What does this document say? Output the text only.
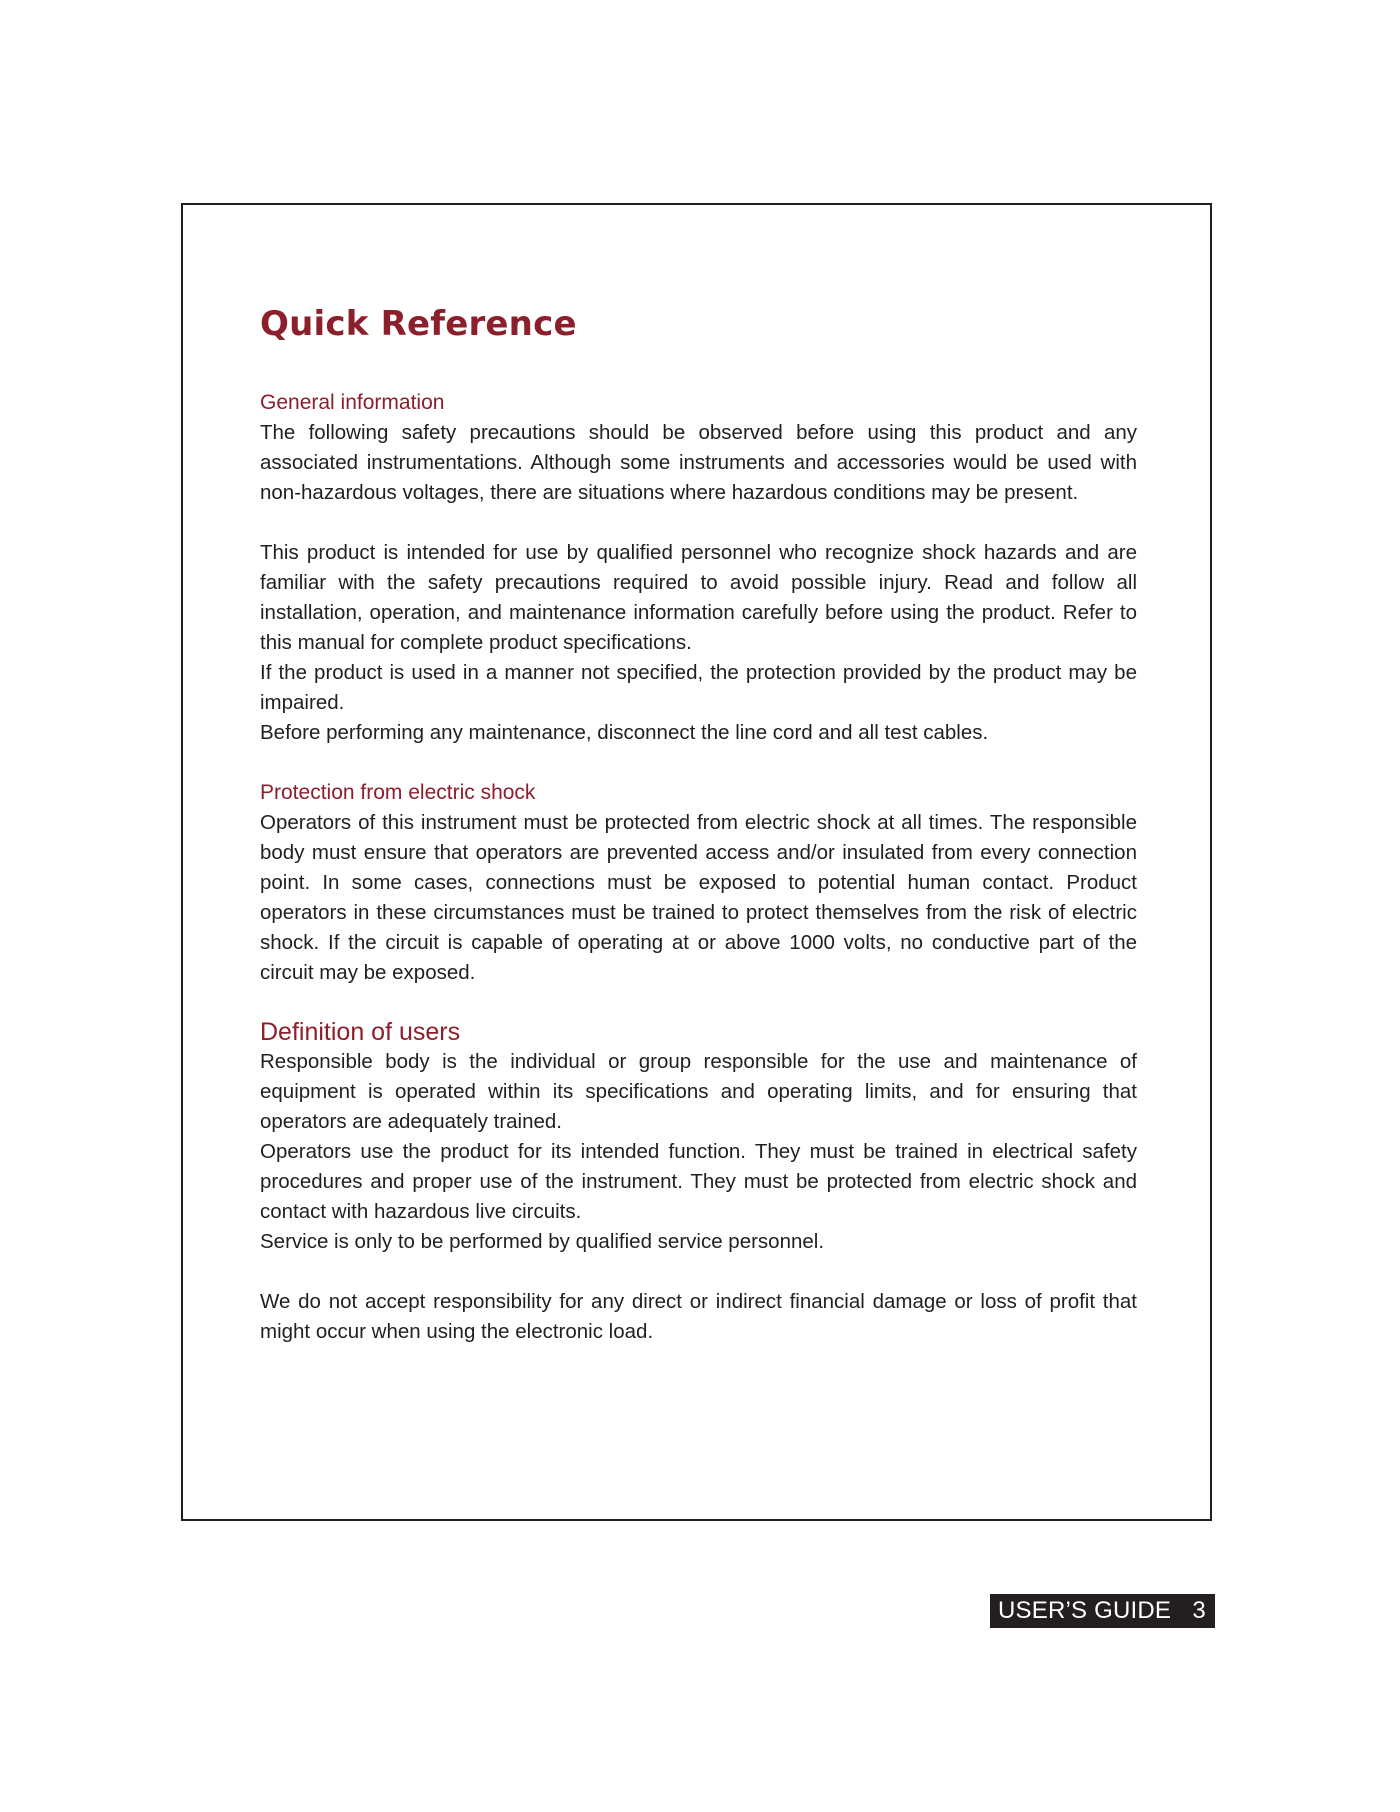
Quick Reference
General information

The following safety precautions should be observed before using this product and any associated instrumentations. Although some instruments and accessories would be used with non-hazardous voltages, there are situations where hazardous conditions may be present.

This product is intended for use by qualified personnel who recognize shock hazards and are familiar with the safety precautions required to avoid possible injury. Read and follow all installation, operation, and maintenance information carefully before using the product. Refer to this manual for complete product specifications.

If the product is used in a manner not specified, the protection provided by the product may be impaired.

Before performing any maintenance, disconnect the line cord and all test cables.

Protection from electric shock

Operators of this instrument must be protected from electric shock at all times. The responsible body must ensure that operators are prevented access and/or insulated from every connection point. In some cases, connections must be exposed to potential human contact. Product operators in these circumstances must be trained to protect themselves from the risk of electric shock. If the circuit is capable of operating at or above 1000 volts, no conductive part of the circuit may be exposed.

Definition of users

Responsible body is the individual or group responsible for the use and maintenance of equipment is operated within its specifications and operating limits, and for ensuring that operators are adequately trained.

Operators use the product for its intended function. They must be trained in electrical safety procedures and proper use of the instrument. They must be protected from electric shock and contact with hazardous live circuits.

Service is only to be performed by qualified service personnel.

We do not accept responsibility for any direct or indirect financial damage or loss of profit that might occur when using the electronic load.

USER’S GUIDE 3
